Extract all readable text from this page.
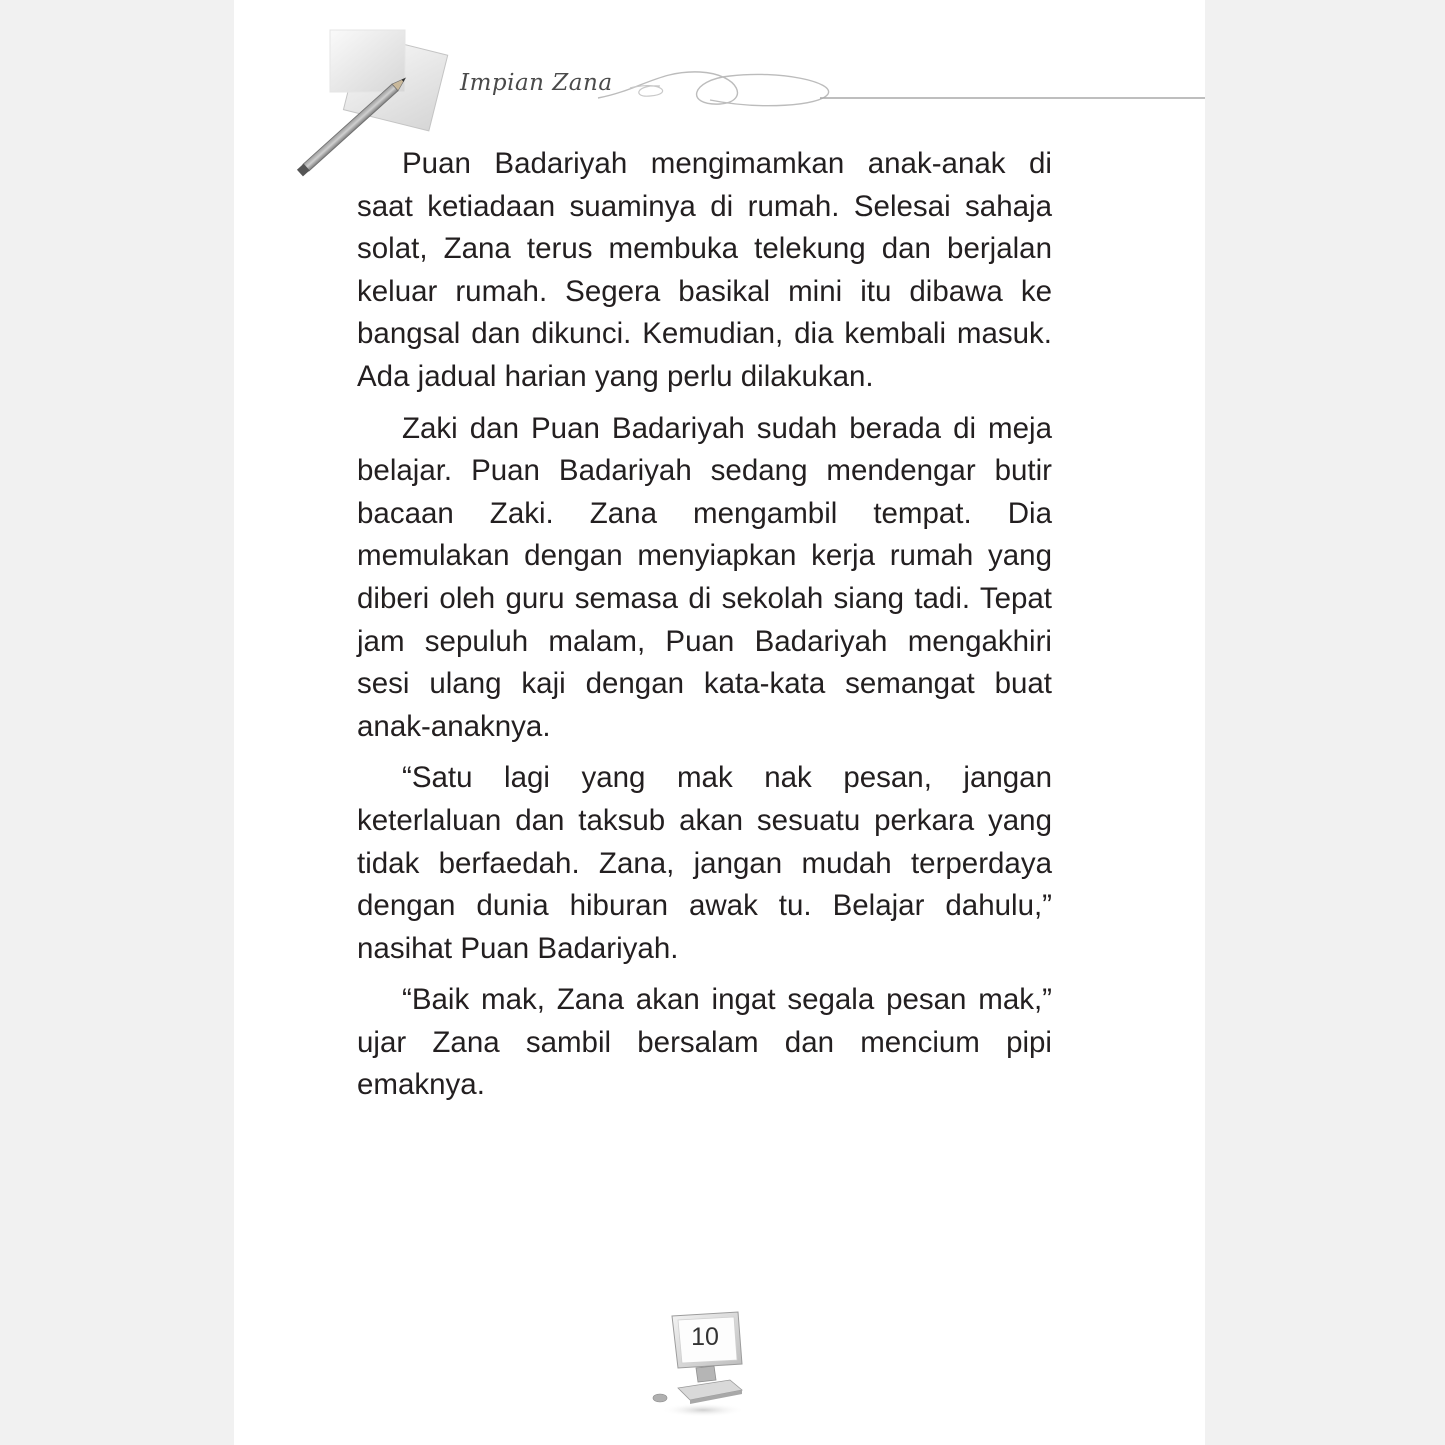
Impian Zana

Puan Badariyah mengimamkan anak-anak di saat ketiadaan suaminya di rumah. Selesai sahaja solat, Zana terus membuka telekung dan berjalan keluar rumah. Segera basikal mini itu dibawa ke bangsal dan dikunci. Kemudian, dia kembali masuk. Ada jadual harian yang perlu dilakukan.

Zaki dan Puan Badariyah sudah berada di meja belajar. Puan Badariyah sedang mendengar butir bacaan Zaki. Zana mengambil tempat. Dia memulakan dengan menyiapkan kerja rumah yang diberi oleh guru semasa di sekolah siang tadi. Tepat jam sepuluh malam, Puan Badariyah mengakhiri sesi ulang kaji dengan kata-kata semangat buat anak-anaknya.

“Satu lagi yang mak nak pesan, jangan keterlaluan dan taksub akan sesuatu perkara yang tidak berfaedah. Zana, jangan mudah terperdaya dengan dunia hiburan awak tu. Belajar dahulu,” nasihat Puan Badariyah.

“Baik mak, Zana akan ingat segala pesan mak,” ujar Zana sambil bersalam dan mencium pipi emaknya.

10
